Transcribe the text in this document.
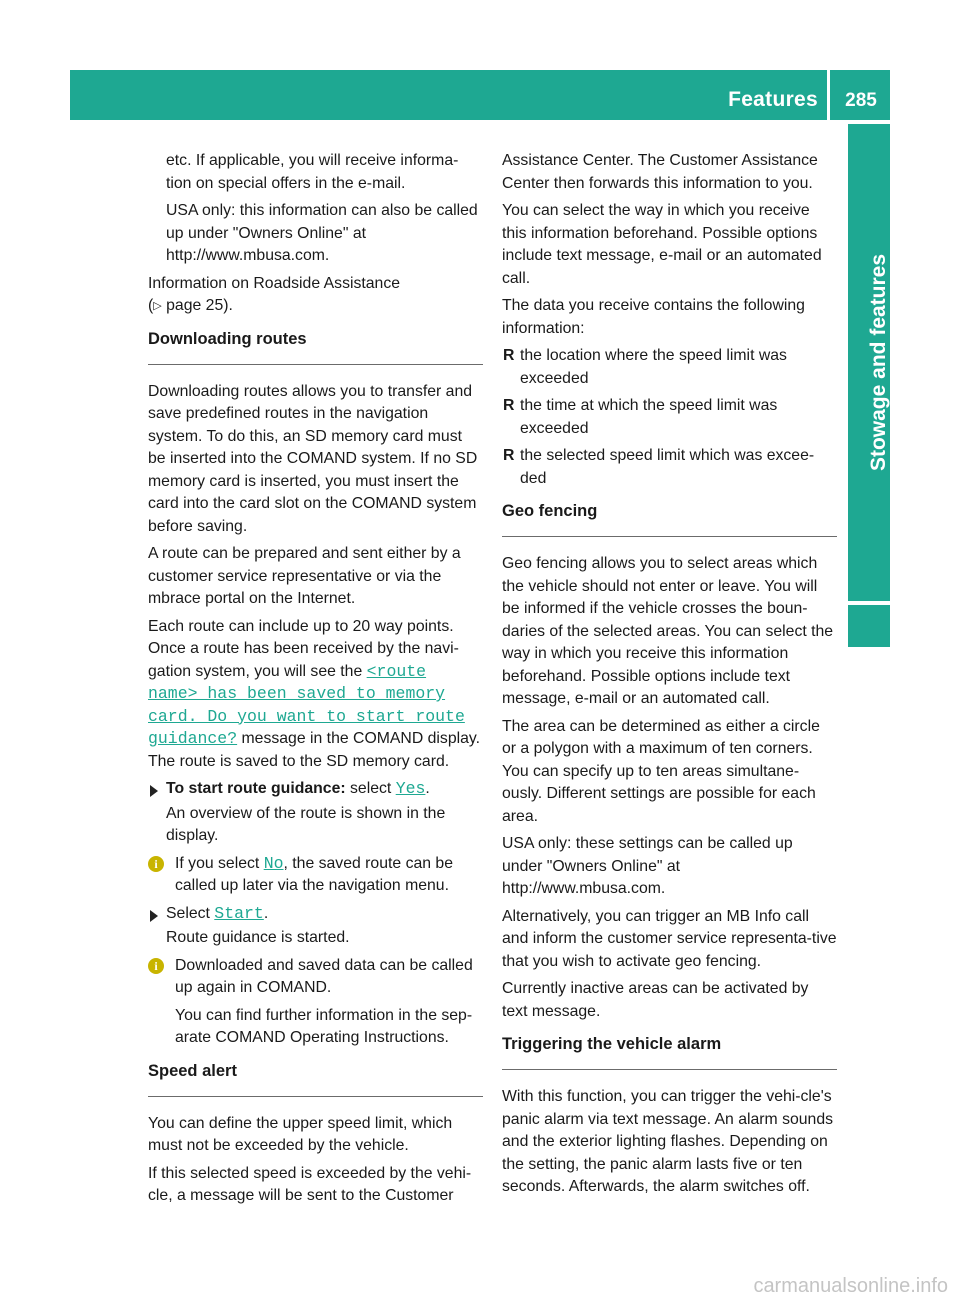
Features	285
Stowage and features

etc. If applicable, you will receive informa-tion on special offers in the e-mail.

USA only: this information can also be called up under "Owners Online" at http://www.mbusa.com.

Information on Roadside Assistance
(▷ page 25).

Downloading routes

Downloading routes allows you to transfer and save predefined routes in the navigation system. To do this, an SD memory card must be inserted into the COMAND system. If no SD memory card is inserted, you must insert the card into the card slot on the COMAND system before saving.

A route can be prepared and sent either by a customer service representative or via the mbrace portal on the Internet.

Each route can include up to 20 way points. Once a route has been received by the navi-gation system, you will see the <route name> has been saved to memory card. Do you want to start route guidance? message in the COMAND display. The route is saved to the SD memory card.

To start route guidance: select Yes.

An overview of the route is shown in the display.

i	If you select No, the saved route can be called up later via the navigation menu.
Select Start.

Route guidance is started.

i	Downloaded and saved data can be called up again in COMAND.

You can find further information in the sep-arate COMAND Operating Instructions.

Speed alert

You can define the upper speed limit, which must not be exceeded by the vehicle.

If this selected speed is exceeded by the vehi-cle, a message will be sent to the Customer

Assistance Center. The Customer Assistance Center then forwards this information to you.

You can select the way in which you receive this information beforehand. Possible options include text message, e-mail or an automated call.

The data you receive contains the following information:

R the location where the speed limit was exceeded
R the time at which the speed limit was exceeded
R the selected speed limit which was excee-ded
Geo fencing

Geo fencing allows you to select areas which the vehicle should not enter or leave. You will be informed if the vehicle crosses the boun-daries of the selected areas. You can select the way in which you receive this information beforehand. Possible options include text message, e-mail or an automated call.

The area can be determined as either a circle or a polygon with a maximum of ten corners. You can specify up to ten areas simultane-ously. Different settings are possible for each area.

USA only: these settings can be called up under "Owners Online" at http://www.mbusa.com.

Alternatively, you can trigger an MB Info call and inform the customer service representa-tive that you wish to activate geo fencing.

Currently inactive areas can be activated by text message.

Triggering the vehicle alarm

With this function, you can trigger the vehi-cle's panic alarm via text message. An alarm sounds and the exterior lighting flashes. Depending on the setting, the panic alarm lasts five or ten seconds. Afterwards, the alarm switches off.

carmanualsonline.info
